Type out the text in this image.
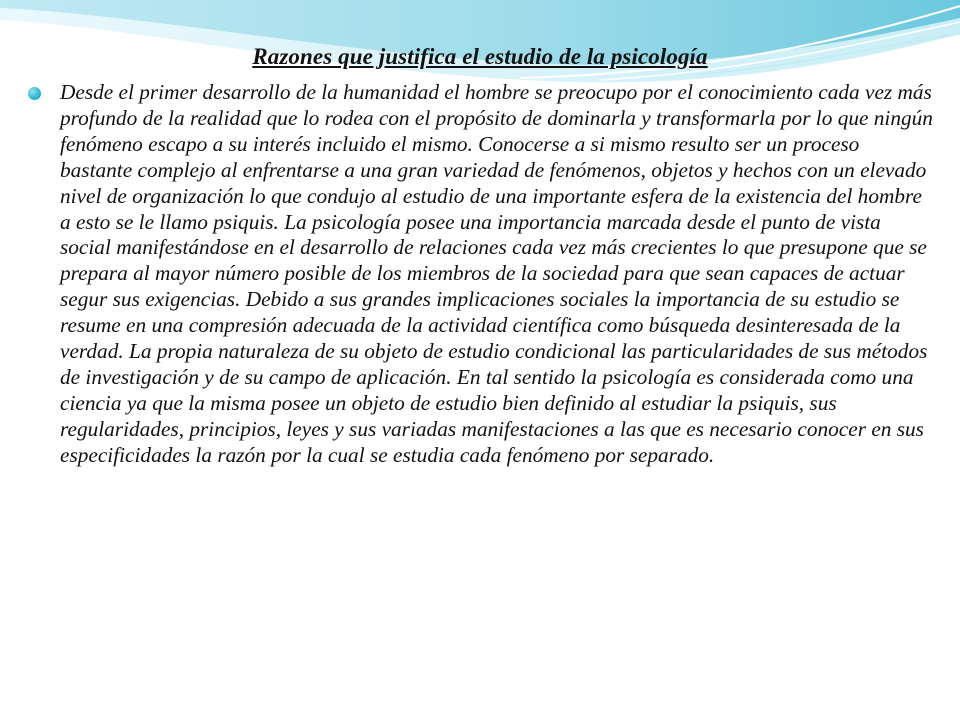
Razones que justifica el estudio de la psicología

Desde el primer desarrollo de la humanidad el hombre se preocupo por el conocimiento cada vez más profundo de la realidad que lo rodea con el propósito de dominarla y transformarla por lo que ningún fenómeno escapo a su interés incluido el mismo. Conocerse a si mismo resulto ser un proceso bastante complejo al enfrentarse a una gran variedad de fenómenos, objetos y hechos con un elevado nivel de organización lo que condujo al estudio de una importante esfera de la existencia del hombre a esto se le llamo psiquis. La psicología posee una importancia marcada desde el punto de vista social manifestándose en el desarrollo de relaciones cada vez más crecientes lo que presupone que se prepara al mayor número posible de los miembros de la sociedad para que sean capaces de actuar segur sus exigencias. Debido a sus grandes implicaciones sociales la importancia de su estudio se resume en una compresión adecuada de la actividad científica como búsqueda desinteresada de la verdad. La propia naturaleza de su objeto de estudio condicional las particularidades de sus métodos de investigación y de su campo de aplicación. En tal sentido la psicología es considerada como una ciencia ya que la misma posee un objeto de estudio bien definido al estudiar la psiquis, sus regularidades, principios, leyes y sus variadas manifestaciones a las que es necesario conocer en sus especificidades la razón por la cual se estudia cada fenómeno por separado.
